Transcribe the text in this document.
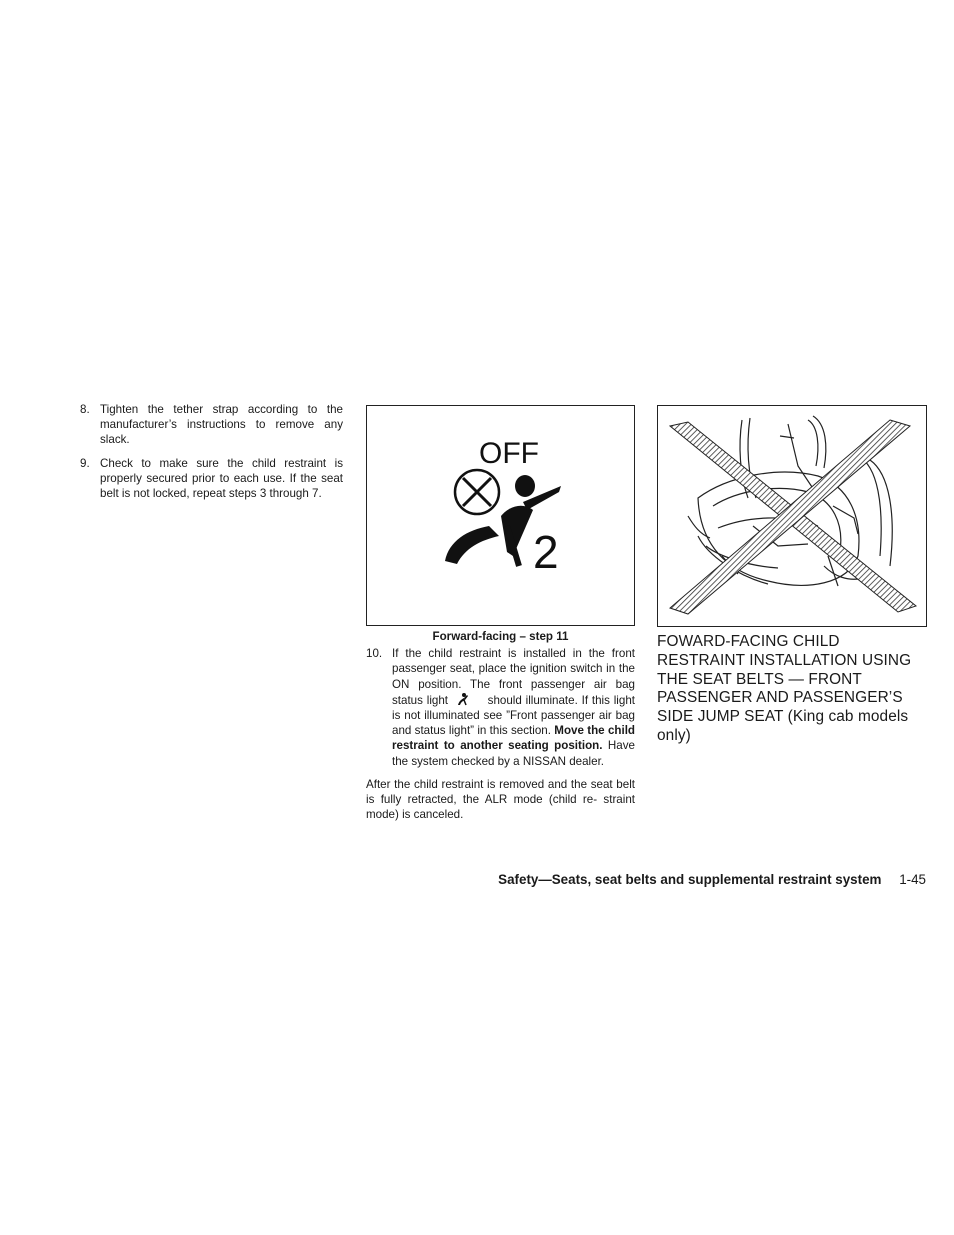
8. Tighten the tether strap according to the manufacturer’s instructions to remove any slack.
9. Check to make sure the child restraint is properly secured prior to each use. If the seat belt is not locked, repeat steps 3 through 7.
OFF
2
Forward-facing – step 11
10. If the child restraint is installed in the front passenger seat, place the ignition switch in the ON position. The front passenger air bag status light	should illuminate. If this light is not illuminated see ”Front passenger air bag and status light” in this section. Move the child restraint to another seating position. Have the system checked by a NISSAN dealer.
After the child restraint is removed and the seat belt is fully retracted, the ALR mode (child re- straint mode) is canceled.
FOWARD-FACING CHILD RESTRAINT INSTALLATION USING THE SEAT BELTS — FRONT PASSENGER AND PASSENGER’S SIDE JUMP SEAT (King cab models only)
Safety—Seats, seat belts and supplemental restraint system 1-45
